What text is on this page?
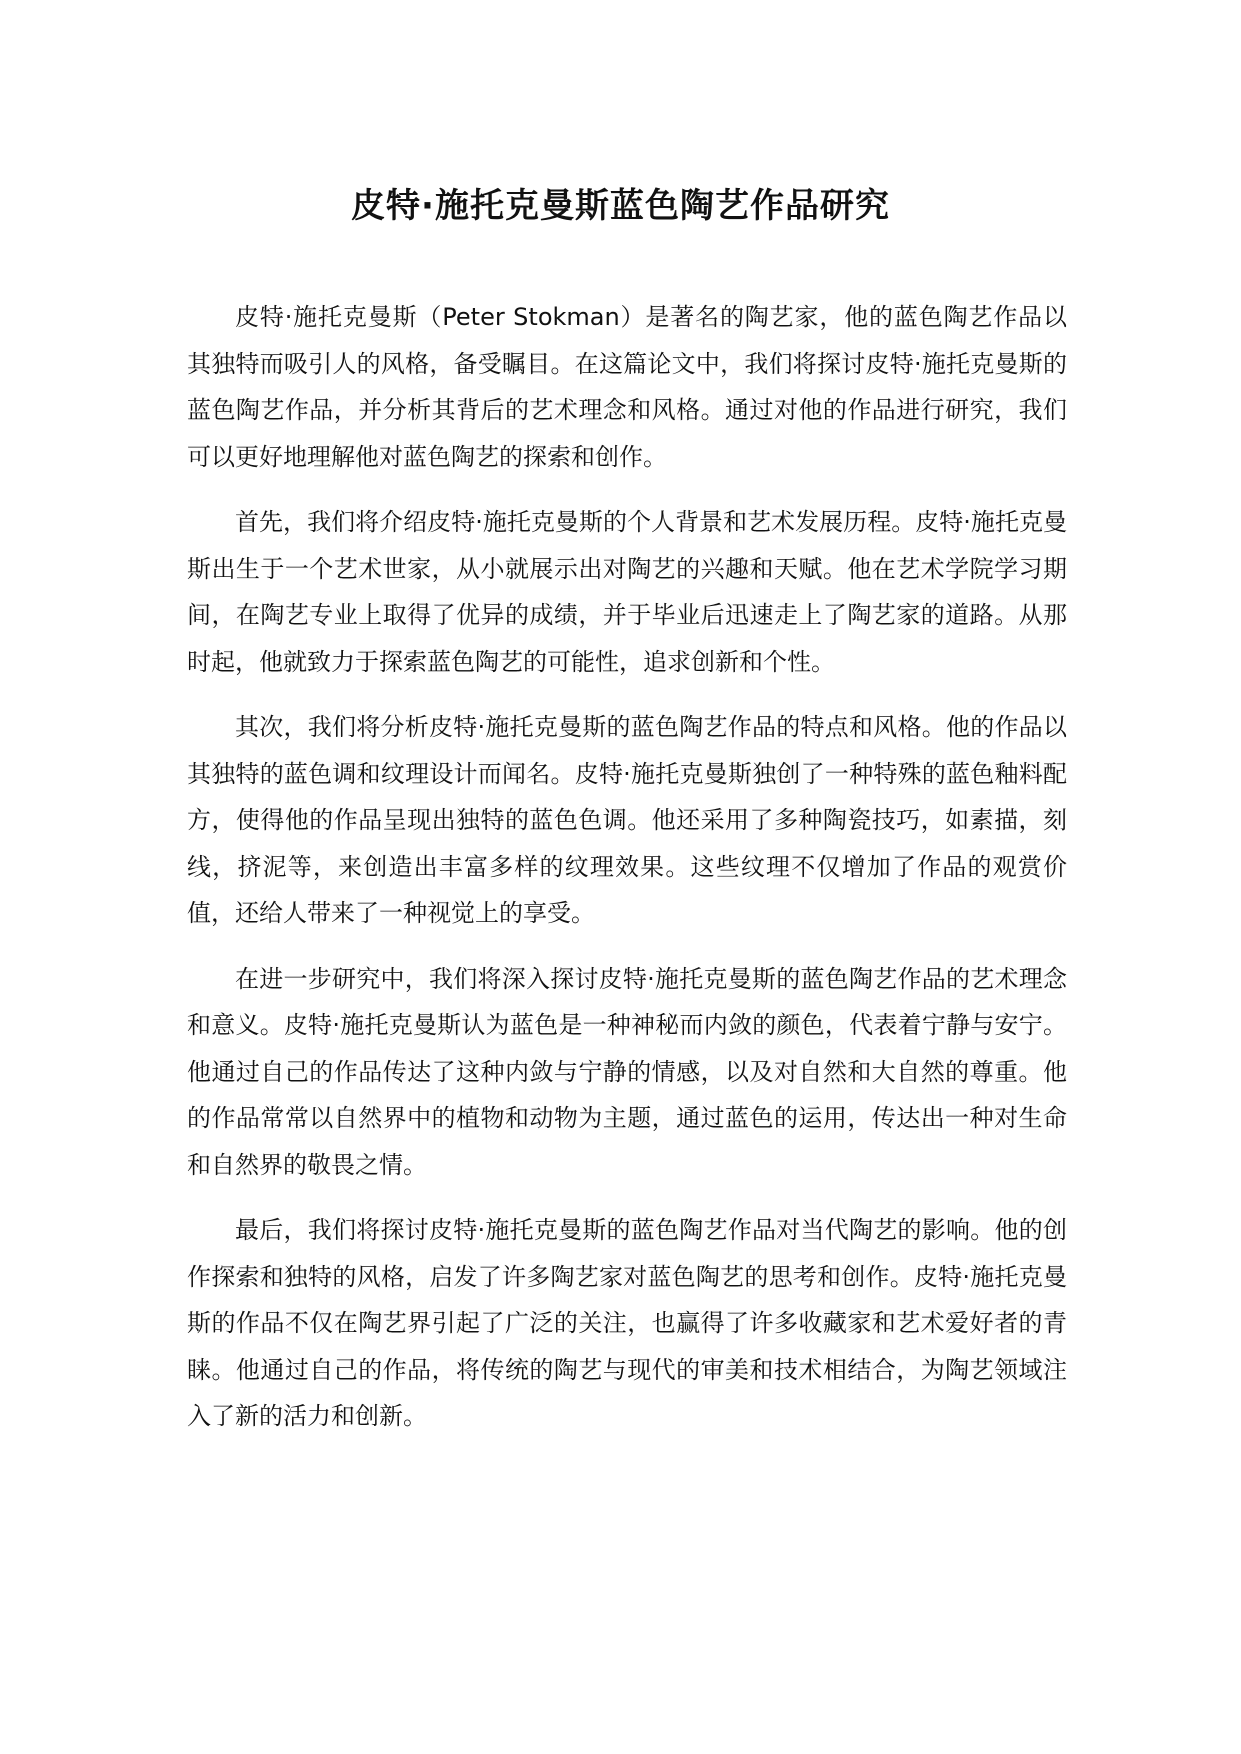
皮特·施托克曼斯蓝色陶艺作品研究

皮特·施托克曼斯（Peter Stokman）是著名的陶艺家，他的蓝色陶艺作品以其独特而吸引人的风格，备受瞩目。在这篇论文中，我们将探讨皮特·施托克曼斯的蓝色陶艺作品，并分析其背后的艺术理念和风格。通过对他的作品进行研究，我们可以更好地理解他对蓝色陶艺的探索和创作。

首先，我们将介绍皮特·施托克曼斯的个人背景和艺术发展历程。皮特·施托克曼斯出生于一个艺术世家，从小就展示出对陶艺的兴趣和天赋。他在艺术学院学习期间，在陶艺专业上取得了优异的成绩，并于毕业后迅速走上了陶艺家的道路。从那时起，他就致力于探索蓝色陶艺的可能性，追求创新和个性。

其次，我们将分析皮特·施托克曼斯的蓝色陶艺作品的特点和风格。他的作品以其独特的蓝色调和纹理设计而闻名。皮特·施托克曼斯独创了一种特殊的蓝色釉料配方，使得他的作品呈现出独特的蓝色色调。他还采用了多种陶瓷技巧，如素描，刻线，挤泥等，来创造出丰富多样的纹理效果。这些纹理不仅增加了作品的观赏价值，还给人带来了一种视觉上的享受。

在进一步研究中，我们将深入探讨皮特·施托克曼斯的蓝色陶艺作品的艺术理念和意义。皮特·施托克曼斯认为蓝色是一种神秘而内敛的颜色，代表着宁静与安宁。他通过自己的作品传达了这种内敛与宁静的情感，以及对自然和大自然的尊重。他的作品常常以自然界中的植物和动物为主题，通过蓝色的运用，传达出一种对生命和自然界的敬畏之情。

最后，我们将探讨皮特·施托克曼斯的蓝色陶艺作品对当代陶艺的影响。他的创作探索和独特的风格，启发了许多陶艺家对蓝色陶艺的思考和创作。皮特·施托克曼斯的作品不仅在陶艺界引起了广泛的关注，也赢得了许多收藏家和艺术爱好者的青睐。他通过自己的作品，将传统的陶艺与现代的审美和技术相结合，为陶艺领域注入了新的活力和创新。
